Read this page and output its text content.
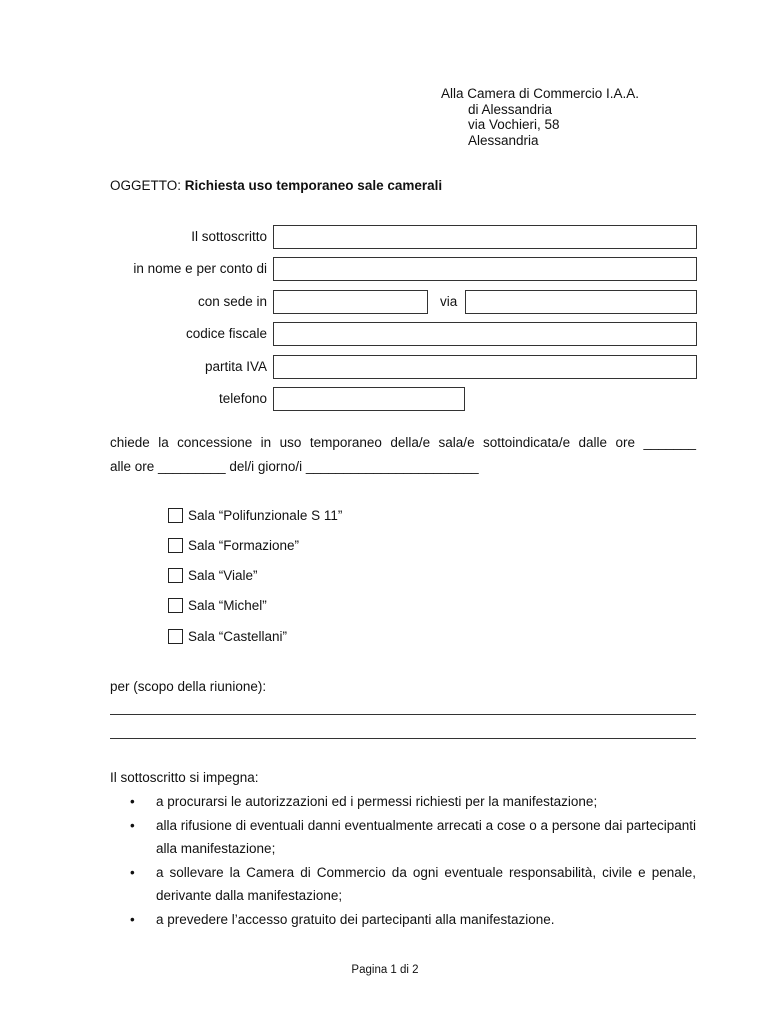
Alla Camera di Commercio I.A.A.
di Alessandria
via Vochieri, 58
Alessandria
OGGETTO: Richiesta uso temporaneo sale camerali
Il sottoscritto
in nome e per conto di
con sede in	via
codice fiscale
partita IVA
telefono
chiede la concessione in uso temporaneo della/e sala/e sottoindicata/e dalle ore _______
alle ore _________ del/i giorno/i _______________________
Sala “Polifunzionale S 11”
Sala “Formazione”
Sala “Viale”
Sala “Michel”
Sala “Castellani”
per (scopo della riunione):
Il sottoscritto si impegna:
• a procurarsi le autorizzazioni ed i permessi richiesti per la manifestazione;
• alla rifusione di eventuali danni eventualmente arrecati a cose o a persone dai partecipanti alla manifestazione;
• a sollevare la Camera di Commercio da ogni eventuale responsabilità, civile e penale, derivante dalla manifestazione;
• a prevedere l’accesso gratuito dei partecipanti alla manifestazione.
Pagina 1 di 2
